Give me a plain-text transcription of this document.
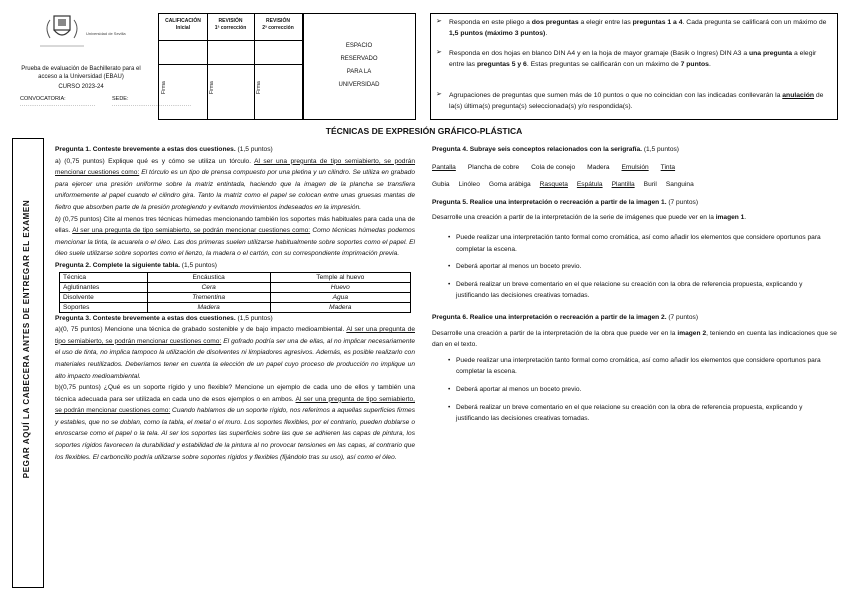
Universidad de Sevilla
Prueba de evaluación de Bachillerato para el
acceso a la Universidad (EBAU)
CURSO 2023-24
CONVOCATORIA:
........................................
SEDE:
..........................................
CALIFICACIÓN
Inicial
Firma
REVISIÓN
1ª corrección
Firma
REVISIÓN
2ª corrección
Firma
ESPACIO
RESERVADO
PARA LA
UNIVERSIDAD
➢ Responda en este pliego a dos preguntas a elegir entre las preguntas 1 a 4. Cada pregunta se calificará con un máximo de 1,5 puntos (máximo 3 puntos).
➢ Responda en dos hojas en blanco DIN A4 y en la hoja de mayor gramaje (Basik o Ingres) DIN A3 a una pregunta a elegir entre las preguntas 5 y 6. Estas preguntas se calificarán con un máximo de 7 puntos.
➢ Agrupaciones de preguntas que sumen más de 10 puntos o que no coincidan con las indicadas conllevarán la anulación de la(s) última(s) pregunta(s) seleccionada(s) y/o respondida(s).
TÉCNICAS DE EXPRESIÓN GRÁFICO-PLÁSTICA
PEGAR AQUÍ LA CABECERA ANTES DE ENTREGAR EL EXAMEN
Pregunta 1. Conteste brevemente a estas dos cuestiones. (1,5 puntos)
a) (0,75 puntos) Explique qué es y cómo se utiliza un tórculo. Al ser una pregunta de tipo semiabierto, se podrán mencionar cuestiones como: El tórculo es un tipo de prensa compuesto por una pletina y un cilindro. Se utiliza en grabado para ejercer una presión uniforme sobre la matriz entintada, haciendo que la imagen de la plancha se transfiera uniformemente al papel cuando el cilindro gira. Tanto la matriz como el papel se colocan entre unas gruesas mantas de fieltro que absorben parte de la presión protegiendo y evitando movimientos indeseados en la impresión.
b) (0,75 puntos) Cite al menos tres técnicas húmedas mencionando también los soportes más habituales para cada una de ellas. Al ser una pregunta de tipo semiabierto, se podrán mencionar cuestiones como: Como técnicas húmedas podemos mencionar la tinta, la acuarela o el óleo. Las dos primeras suelen utilizarse habitualmente sobre soportes como el papel. El óleo suele utilizarse sobre soportes como el lienzo, la madera o el cartón, con su correspondiente imprimación previa.
Pregunta 2. Complete la siguiente tabla. (1,5 puntos)
Técnica	Encáustica	Temple al huevo
Aglutinantes	Cera	Huevo
Disolvente	Trementina	Agua
Soportes	Madera	Madera
Pregunta 3. Conteste brevemente a estas dos cuestiones. (1,5 puntos)
a)(0, 75 puntos) Mencione una técnica de grabado sostenible y de bajo impacto medioambiental. Al ser una pregunta de tipo semiabierto, se podrán mencionar cuestiones como: El gofrado podría ser una de ellas, al no implicar necesariamente el uso de tinta, no implica tampoco la utilización de disolventes ni limpiadores agresivos. Además, es posible realizarlo con materiales reutilizados. Deberíamos tener en cuenta la elección de un papel cuyo proceso de producción no implique un alto impacto medioambiental.
b)(0,75 puntos) ¿Qué es un soporte rígido y uno flexible? Mencione un ejemplo de cada uno de ellos y también una técnica adecuada para ser utilizada en cada uno de esos ejemplos o en ambos. Al ser una pregunta de tipo semiabierto, se podrán mencionar cuestiones como: Cuando hablamos de un soporte rígido, nos referimos a aquellas superficies firmes y estables, que no se doblan, como la tabla, el metal o el muro. Los soportes flexibles, por el contrario, pueden doblarse o enroscarse como el papel o la tela. Al ser los soportes las superficies sobre las que se adhieren las capas de pintura, los soportes rígidos favorecen la durabilidad y estabilidad de la pintura al no provocar tensiones en las capas, al contrario que los flexibles. El carboncillo podría utilizarse sobre soportes rígidos y flexibles (fijándolo tras su uso), así como el óleo.
Pregunta 4. Subraye seis conceptos relacionados con la serigrafía. (1,5 puntos)
Pantalla Plancha de cobre Cola de conejo Madera Emulsión Tinta
Gubia Linóleo Goma arábiga Rasqueta Espátula Plantilla Buril Sanguina
Pregunta 5. Realice una interpretación o recreación a partir de la imagen 1. (7 puntos)
Desarrolle una creación a partir de la interpretación de la serie de imágenes que puede ver en la imagen 1.
• Puede realizar una interpretación tanto formal como cromática, así como añadir los elementos que considere oportunos para completar la escena.
• Deberá aportar al menos un boceto previo.
• Deberá realizar un breve comentario en el que relacione su creación con la obra de referencia propuesta, explicando y justificando las decisiones creativas tomadas.
Pregunta 6. Realice una interpretación o recreación a partir de la imagen 2. (7 puntos)
Desarrolle una creación a partir de la interpretación de la obra que puede ver en la imagen 2, teniendo en cuenta las indicaciones que se dan en el texto.
• Puede realizar una interpretación tanto formal como cromática, así como añadir los elementos que considere oportunos para completar la escena.
• Deberá aportar al menos un boceto previo.
• Deberá realizar un breve comentario en el que relacione su creación con la obra de referencia propuesta, explicando y justificando las decisiones creativas tomadas.
